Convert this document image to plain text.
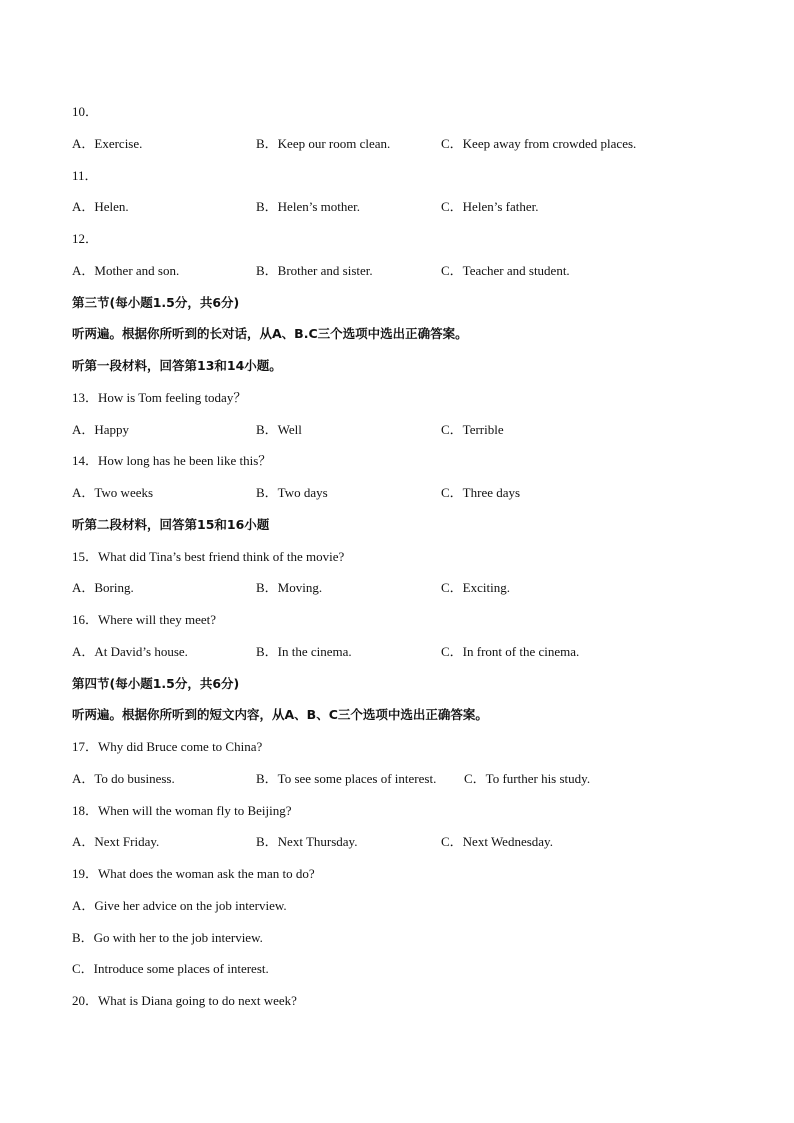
10．
A．Exercise.	B．Keep our room clean.	C．Keep away from crowded places.
11．
A．Helen.	B．Helen’s mother.	C．Helen’s father.
12．
A．Mother and son.	B．Brother and sister.	C．Teacher and student.
第三节(每小题1.5分，共6分)
听两遍。根据你所听到的长对话，从A、B.C三个选项中选出正确答案。
听第一段材料，回答第13和14小题。
13．How is Tom feeling today？
A．Happy	B．Well	C．Terrible
14．How long has he been like this？
A．Two weeks	B．Two days	C．Three days
听第二段材料，回答第15和16小题
15．What did Tina’s best friend think of the movie?
A．Boring.	B．Moving.	C．Exciting.
16．Where will they meet?
A．At David’s house.	B．In the cinema.	C．In front of the cinema.
第四节(每小题1.5分，共6分)
听两遍。根据你所听到的短文内容，从A、B、C三个选项中选出正确答案。
17．Why did Bruce come to China?
A．To do business.	B．To see some places of interest. C．To further his study.
18．When will the woman fly to Beijing?
A．Next Friday.	B．Next Thursday.	C．Next Wednesday.
19．What does the woman ask the man to do?
A．Give her advice on the job interview.
B．Go with her to the job interview.
C．Introduce some places of interest.
20．What is Diana going to do next week?
